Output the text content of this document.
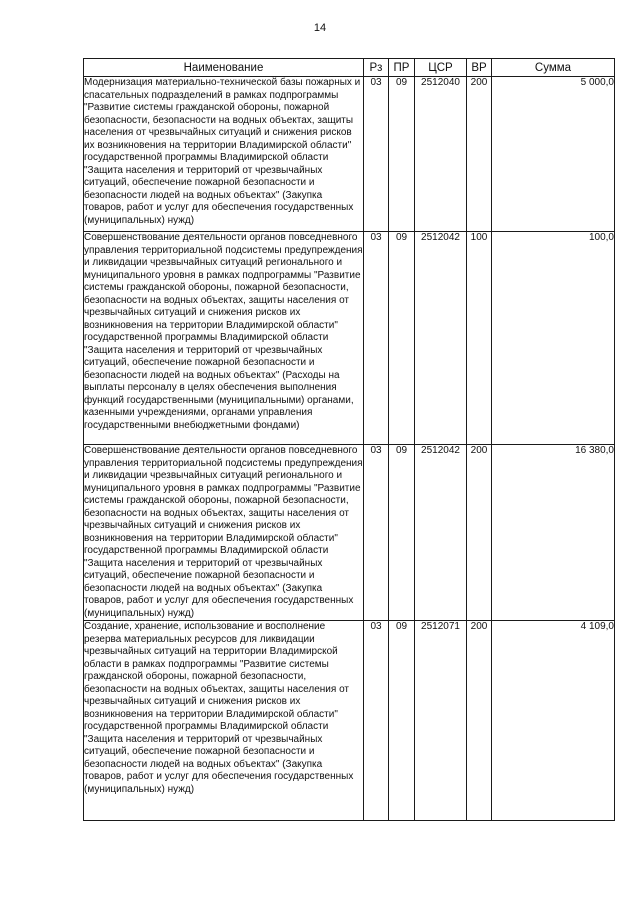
14
Наименование	Рз	ПР	ЦСР	ВР	Сумма
Модернизация материально-технической базы пожарных и спасательных подразделений в рамках подпрограммы "Развитие системы гражданской обороны, пожарной безопасности, безопасности на водных объектах, защиты населения от чрезвычайных ситуаций и снижения рисков их возникновения на территории Владимирской области" государственной программы Владимирской области "Защита населения и территорий от чрезвычайных ситуаций, обеспечение пожарной безопасности и безопасности людей на водных объектах" (Закупка товаров, работ и услуг для обеспечения государственных (муниципальных) нужд)	03	09	2512040	200	5 000,0
Совершенствование деятельности органов повседневного управления территориальной подсистемы предупреждения и ликвидации чрезвычайных ситуаций регионального и муниципального уровня в рамках подпрограммы "Развитие системы гражданской обороны, пожарной безопасности, безопасности на водных объектах, защиты населения от чрезвычайных ситуаций и снижения рисков их возникновения на территории Владимирской области" государственной программы Владимирской области "Защита населения и территорий от чрезвычайных ситуаций, обеспечение пожарной безопасности и безопасности людей на водных объектах" (Расходы на выплаты персоналу в целях обеспечения выполнения функций государственными (муниципальными) органами, казенными учреждениями, органами управления государственными внебюджетными фондами)	03	09	2512042	100	100,0
Совершенствование деятельности органов повседневного управления территориальной подсистемы предупреждения и ликвидации чрезвычайных ситуаций регионального и муниципального уровня в рамках подпрограммы "Развитие системы гражданской обороны, пожарной безопасности, безопасности на водных объектах, защиты населения от чрезвычайных ситуаций и снижения рисков их возникновения на территории Владимирской области" государственной программы Владимирской области "Защита населения и территорий от чрезвычайных ситуаций, обеспечение пожарной безопасности и безопасности людей на водных объектах" (Закупка товаров, работ и услуг для обеспечения государственных (муниципальных) нужд)	03	09	2512042	200	16 380,0
Создание, хранение, использование и восполнение резерва материальных ресурсов для ликвидации чрезвычайных ситуаций на территории Владимирской области в рамках подпрограммы "Развитие системы гражданской обороны, пожарной безопасности, безопасности на водных объектах, защиты населения от чрезвычайных ситуаций и снижения рисков их возникновения на территории Владимирской области" государственной программы Владимирской области "Защита населения и территорий от чрезвычайных ситуаций, обеспечение пожарной безопасности и безопасности людей на водных объектах" (Закупка товаров, работ и услуг для обеспечения государственных (муниципальных) нужд)	03	09	2512071	200	4 109,0
